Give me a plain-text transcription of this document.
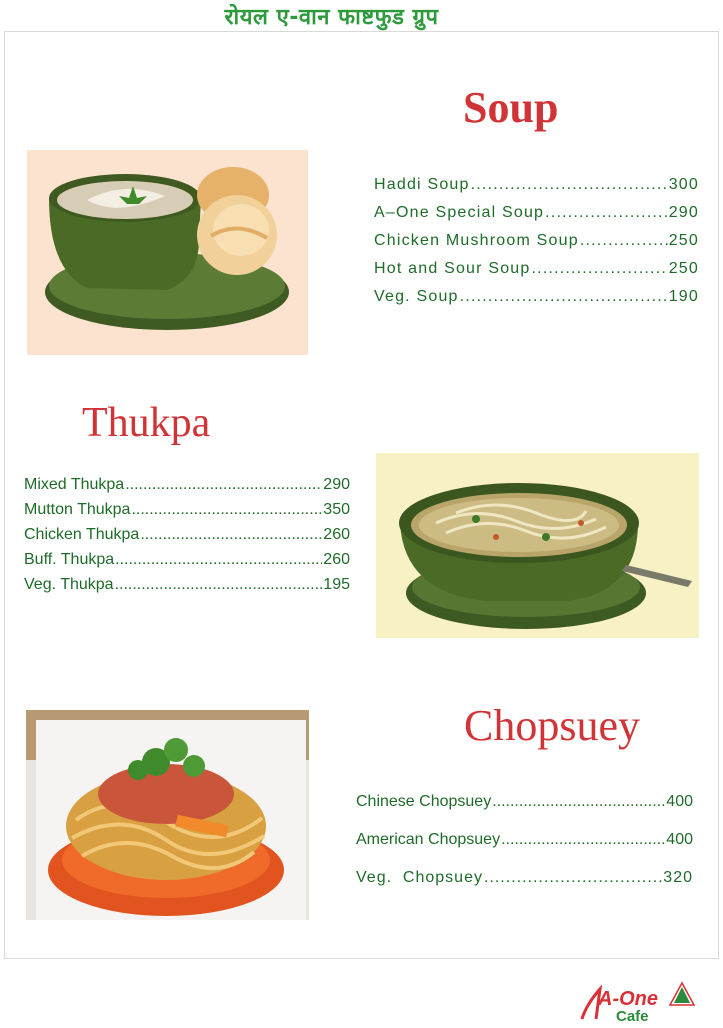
रोयल ए-वान फाष्टफुड ग्रुप
Soup
Haddi Soup .....	300
A–One Special Soup .....	290
Chicken Mushroom Soup .....	250
Hot and Sour Soup .....	250
Veg. Soup .....	190
Thukpa
Mixed Thukpa .....	290
Mutton Thukpa .....	350
Chicken Thukpa .....	260
Buff. Thukpa .....	260
Veg. Thukpa .....	195
Chopsuey
Chinese Chopsuey .....	400
American Chopsuey .....	400
Veg.  Chopsuey .....	320
A-One
Cafe
